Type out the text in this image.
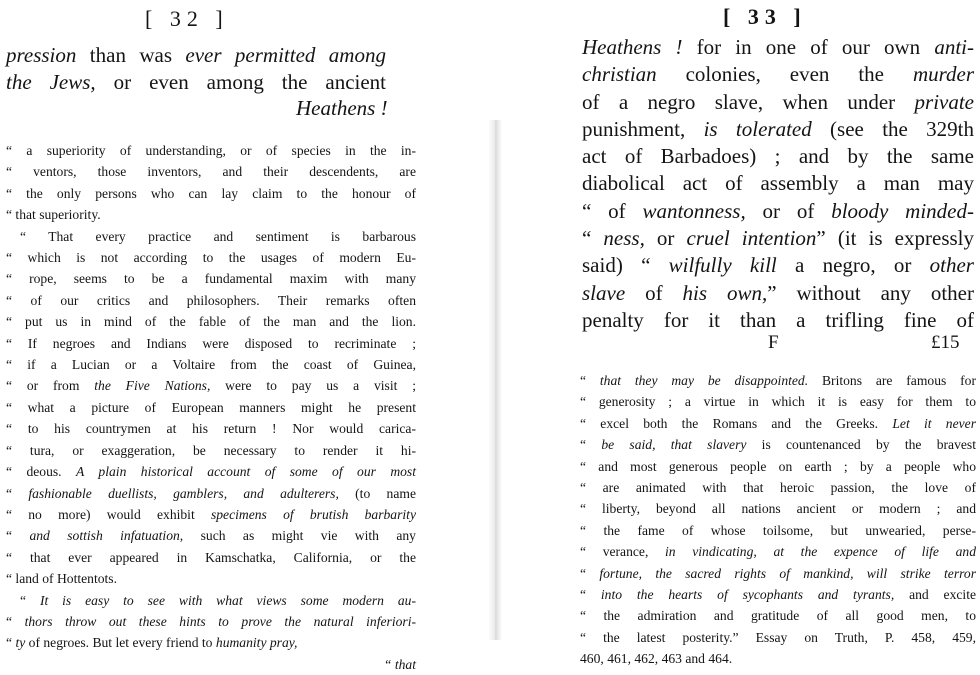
[ 32 ]
pression than was ever permitted among
the Jews, or even among the ancient
Heathens !
“ a superiority of understanding, or of species in the in-
“ ventors, those inventors, and their descendents, are
“ the only persons who can lay claim to the honour of
“ that superiority.
“ That every practice and sentiment is barbarous
“ which is not according to the usages of modern Eu-
“ rope, seems to be a fundamental maxim with many
“ of our critics and philosophers. Their remarks often
“ put us in mind of the fable of the man and the lion.
“ If negroes and Indians were disposed to recriminate ;
“ if a Lucian or a Voltaire from the coast of Guinea,
“ or from the Five Nations, were to pay us a visit ;
“ what a picture of European manners might he present
“ to his countrymen at his return ! Nor would carica-
“ tura, or exaggeration, be necessary to render it hi-
“ deous. A plain historical account of some of our most
“ fashionable duellists, gamblers, and adulterers, (to name
“ no more) would exhibit specimens of brutish barbarity
“ and sottish infatuation, such as might vie with any
“ that ever appeared in Kamschatka, California, or the
“ land of Hottentots.
“ It is easy to see with what views some modern au-
“ thors throw out these hints to prove the natural inferiori-
“ ty of negroes. But let every friend to humanity pray,
“ that
[ 33 ]
Heathens ! for in one of our own anti-
christian colonies, even the murder
of a negro slave, when under private
punishment, is tolerated (see the 329th
act of Barbadoes) ; and by the same
diabolical act of assembly a man may
“ of wantonness, or of bloody minded-
“ ness, or cruel intention” (it is expressly
said) “ wilfully kill a negro, or other
slave of his own,” without any other
penalty for it than a trifling fine of
F	£15
“ that they may be disappointed. Britons are famous for
“ generosity ; a virtue in which it is easy for them to
“ excel both the Romans and the Greeks. Let it never
“ be said, that slavery is countenanced by the bravest
“ and most generous people on earth ; by a people who
“ are animated with that heroic passion, the love of
“ liberty, beyond all nations ancient or modern ; and
“ the fame of whose toilsome, but unwearied, perse-
“ verance, in vindicating, at the expence of life and
“ fortune, the sacred rights of mankind, will strike terror
“ into the hearts of sycophants and tyrants, and excite
“ the admiration and gratitude of all good men, to
“ the latest posterity.” Essay on Truth, P. 458, 459,
460, 461, 462, 463 and 464.
